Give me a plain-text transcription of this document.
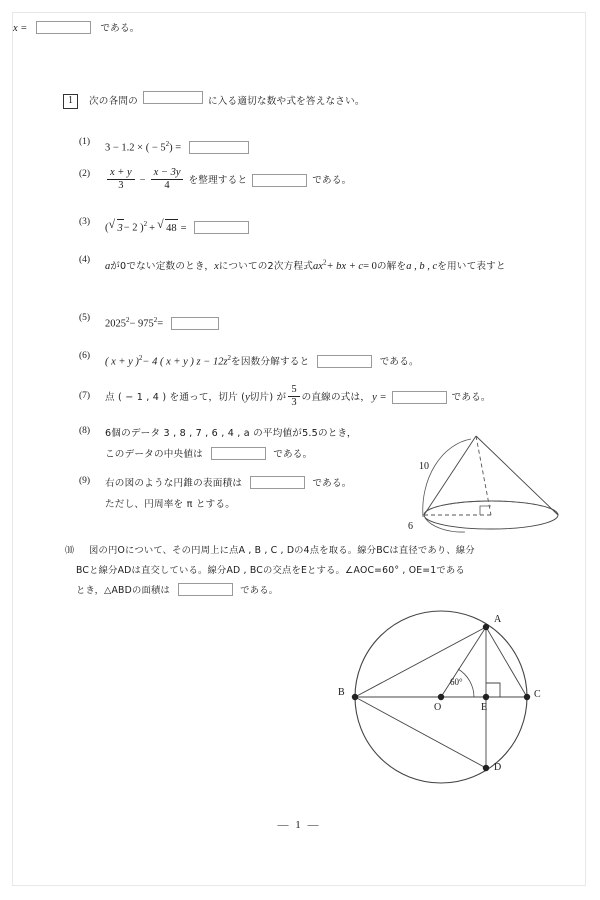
1	次の各問の	に入る適切な数や式を答えなさい。
(1)
3 − 1.2 × ( − $5^2$) =
(2)	$\frac{x + y}{3} - \frac{x - 3y}{4}$ を整理すると	である。
(3)
( √ 3− 2 )$^2$ + √ 48 =
(4)
aが0でない定数のとき，xについての2次方程式$ax^2+$ bx + c= 0の解をa , b , cを用いて表すと
x =	である。
(5)
$2025^2- 975^2=$
(6)
( x + y )$^2$− 4 ( x + y ) $z - 12z^2$を因数分解すると	である。
(7)	点 ( − 1 , 4 ) を通って，切片 ( y 切片) が $\frac{5}{3}$ の直線の式は， y =	である。
(8)	6個のデータ 3 , 8 , 7 , 6 , 4 , a の平均値が5.5のとき，
このデータの中央値は	である。
(9)	右の図のような円錐の表面積は	である。
ただし、円周率を π とする。
10
6
⑽	図の円Oについて、その円周上に点A , B , C , Dの4点を取る。線分BCは直径であり、線分
BCと線分ADは直交している。線分AD , BCの交点をEとする。∠AOC=60° , OE=1である
とき，△ABDの面積は	である。
A
B	C
D
O	E
60°
— 1 —
